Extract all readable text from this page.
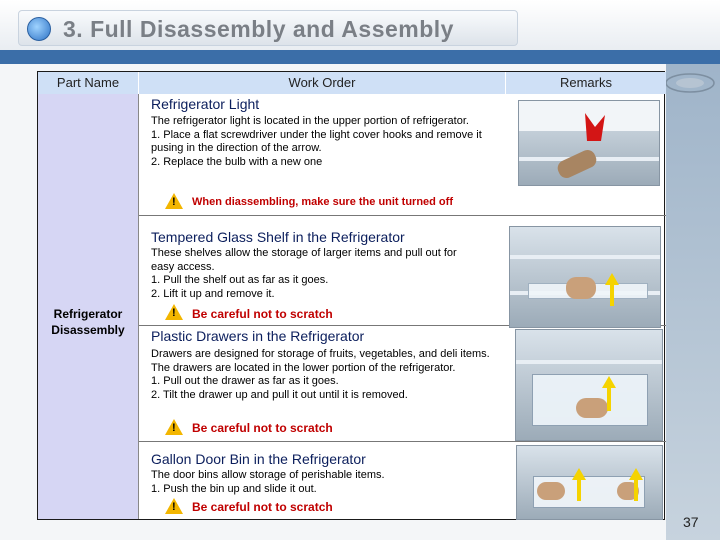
3. Full Disassembly and Assembly
Part Name	Work Order	Remarks
Refrigerator Disassembly
Refrigerator Light
The refrigerator light is located in the upper portion of refrigerator.
1. Place a flat screwdriver under the light cover hooks and remove it pusing in the direction of the arrow.
2. Replace the bulb with a new one
!
When diassembling, make sure the unit turned off
Tempered Glass Shelf in the Refrigerator
These shelves allow the storage of larger items and pull out for easy access.
1. Pull the shelf out as far as it goes.
2. Lift it up and remove it.
!
Be careful not to scratch
Plastic Drawers in the Refrigerator
Drawers are designed for storage of fruits, vegetables, and deli items. The drawers are located in the lower portion of the refrigerator.
1. Pull out the drawer as far as it goes.
2. Tilt the drawer up and pull it out until it is removed.
!
Be careful not to scratch
Gallon Door Bin in the Refrigerator
The door bins allow storage of perishable items.
1. Push the bin up and slide it out.
!
Be careful not to scratch
37
